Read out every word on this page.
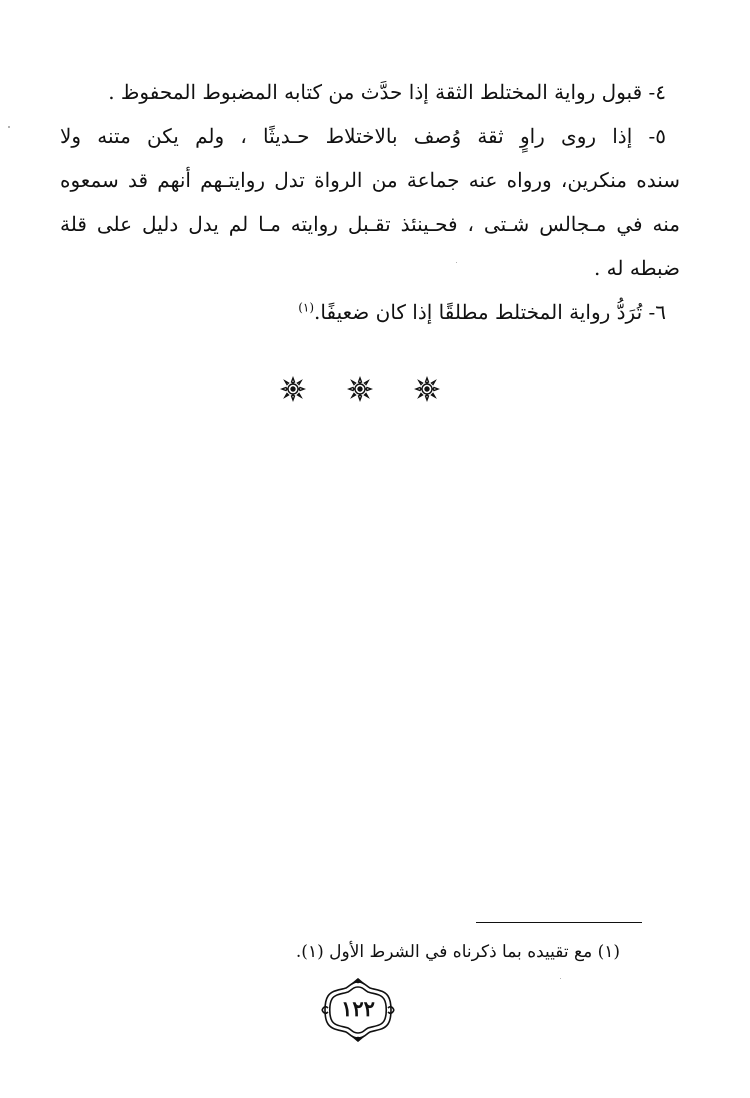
٤- قبول رواية المختلط الثقة إذا حدَّث من كتابه المضبوط المحفوظ .
٥- إذا روى راوٍ ثقة وُصف بالاختلاط حـديثًا ، ولم يكن متنه ولا
سنده منكرين، ورواه عنه جماعة من الرواة تدل روايتـهم أنهم قد سمعوه
منه في مـجالس شـتى ، فحـينئذ تقـبل روايته مـا لم يدل دليل على قلة
ضبطه له .
٦- تُرَدُّ رواية المختلط مطلقًا إذا كان ضعيفًا.$^{(١)}$
(١) مع تقييده بما ذكرناه في الشرط الأول (١).
١٢٢
